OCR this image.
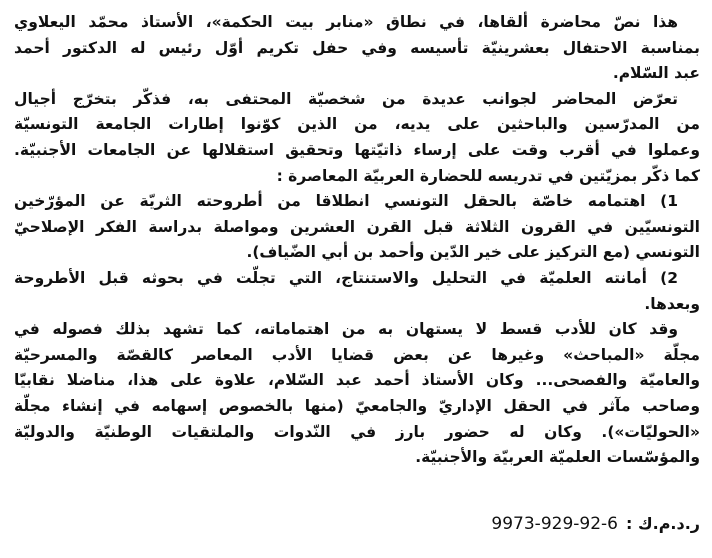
هذا نصّ محاضرة ألقاها، في نطاق «منابر بيت الحكمة»، الأستاذ محمّد اليعلاوي
بمناسبة الاحتفال بعشرينيّة تأسيسه وفي حفل تكريم أوّل رئيس له الدكتور أحمد
عبد السّلام.
تعرّض المحاضر لجوانب عديدة من شخصيّة المحتفى به، فذكّر بتخرّج أجيال
من المدرّسين والباحثين على يديه، من الذين كوّنوا إطارات الجامعة التونسيّة
وعملوا في أقرب وقت على إرساء ذاتيّتها وتحقيق استقلالها عن الجامعات الأجنبيّة.
كما ذكّر بمزيّتين في تدريسه للحضارة العربيّة المعاصرة :
1) اهتمامه خاصّة بالحقل التونسي انطلاقا من أطروحته الثريّة عن المؤرّخين
التونسيّين في القرون الثلاثة قبل القرن العشرين ومواصلة بدراسة الفكر الإصلاحيّ
التونسي (مع التركيز على خير الدّين وأحمد بن أبي الضّياف).
2) أمانته العلميّة في التحليل والاستنتاج، التي تجلّت في بحوثه قبل الأطروحة
وبعدها.
وقد كان للأدب قسط لا يستهان به من اهتماماته، كما تشهد بذلك فصوله في
مجلّة «المباحث» وغيرها عن بعض قضايا الأدب المعاصر كالقصّة والمسرحيّة
والعاميّة والفصحى... وكان الأستاذ أحمد عبد السّلام، علاوة على هذا، مناضلا نقابيّا
وصاحب مآثر في الحقل الإداريّ والجامعيّ (منها بالخصوص إسهامه في إنشاء مجلّة
«الحوليّات»). وكان له حضور بارز في النّدوات والملتقيات الوطنيّة والدوليّة
والمؤسّسات العلميّة العربيّة والأجنبيّة.
ر.د.م.ك :
9973-929-92-6
